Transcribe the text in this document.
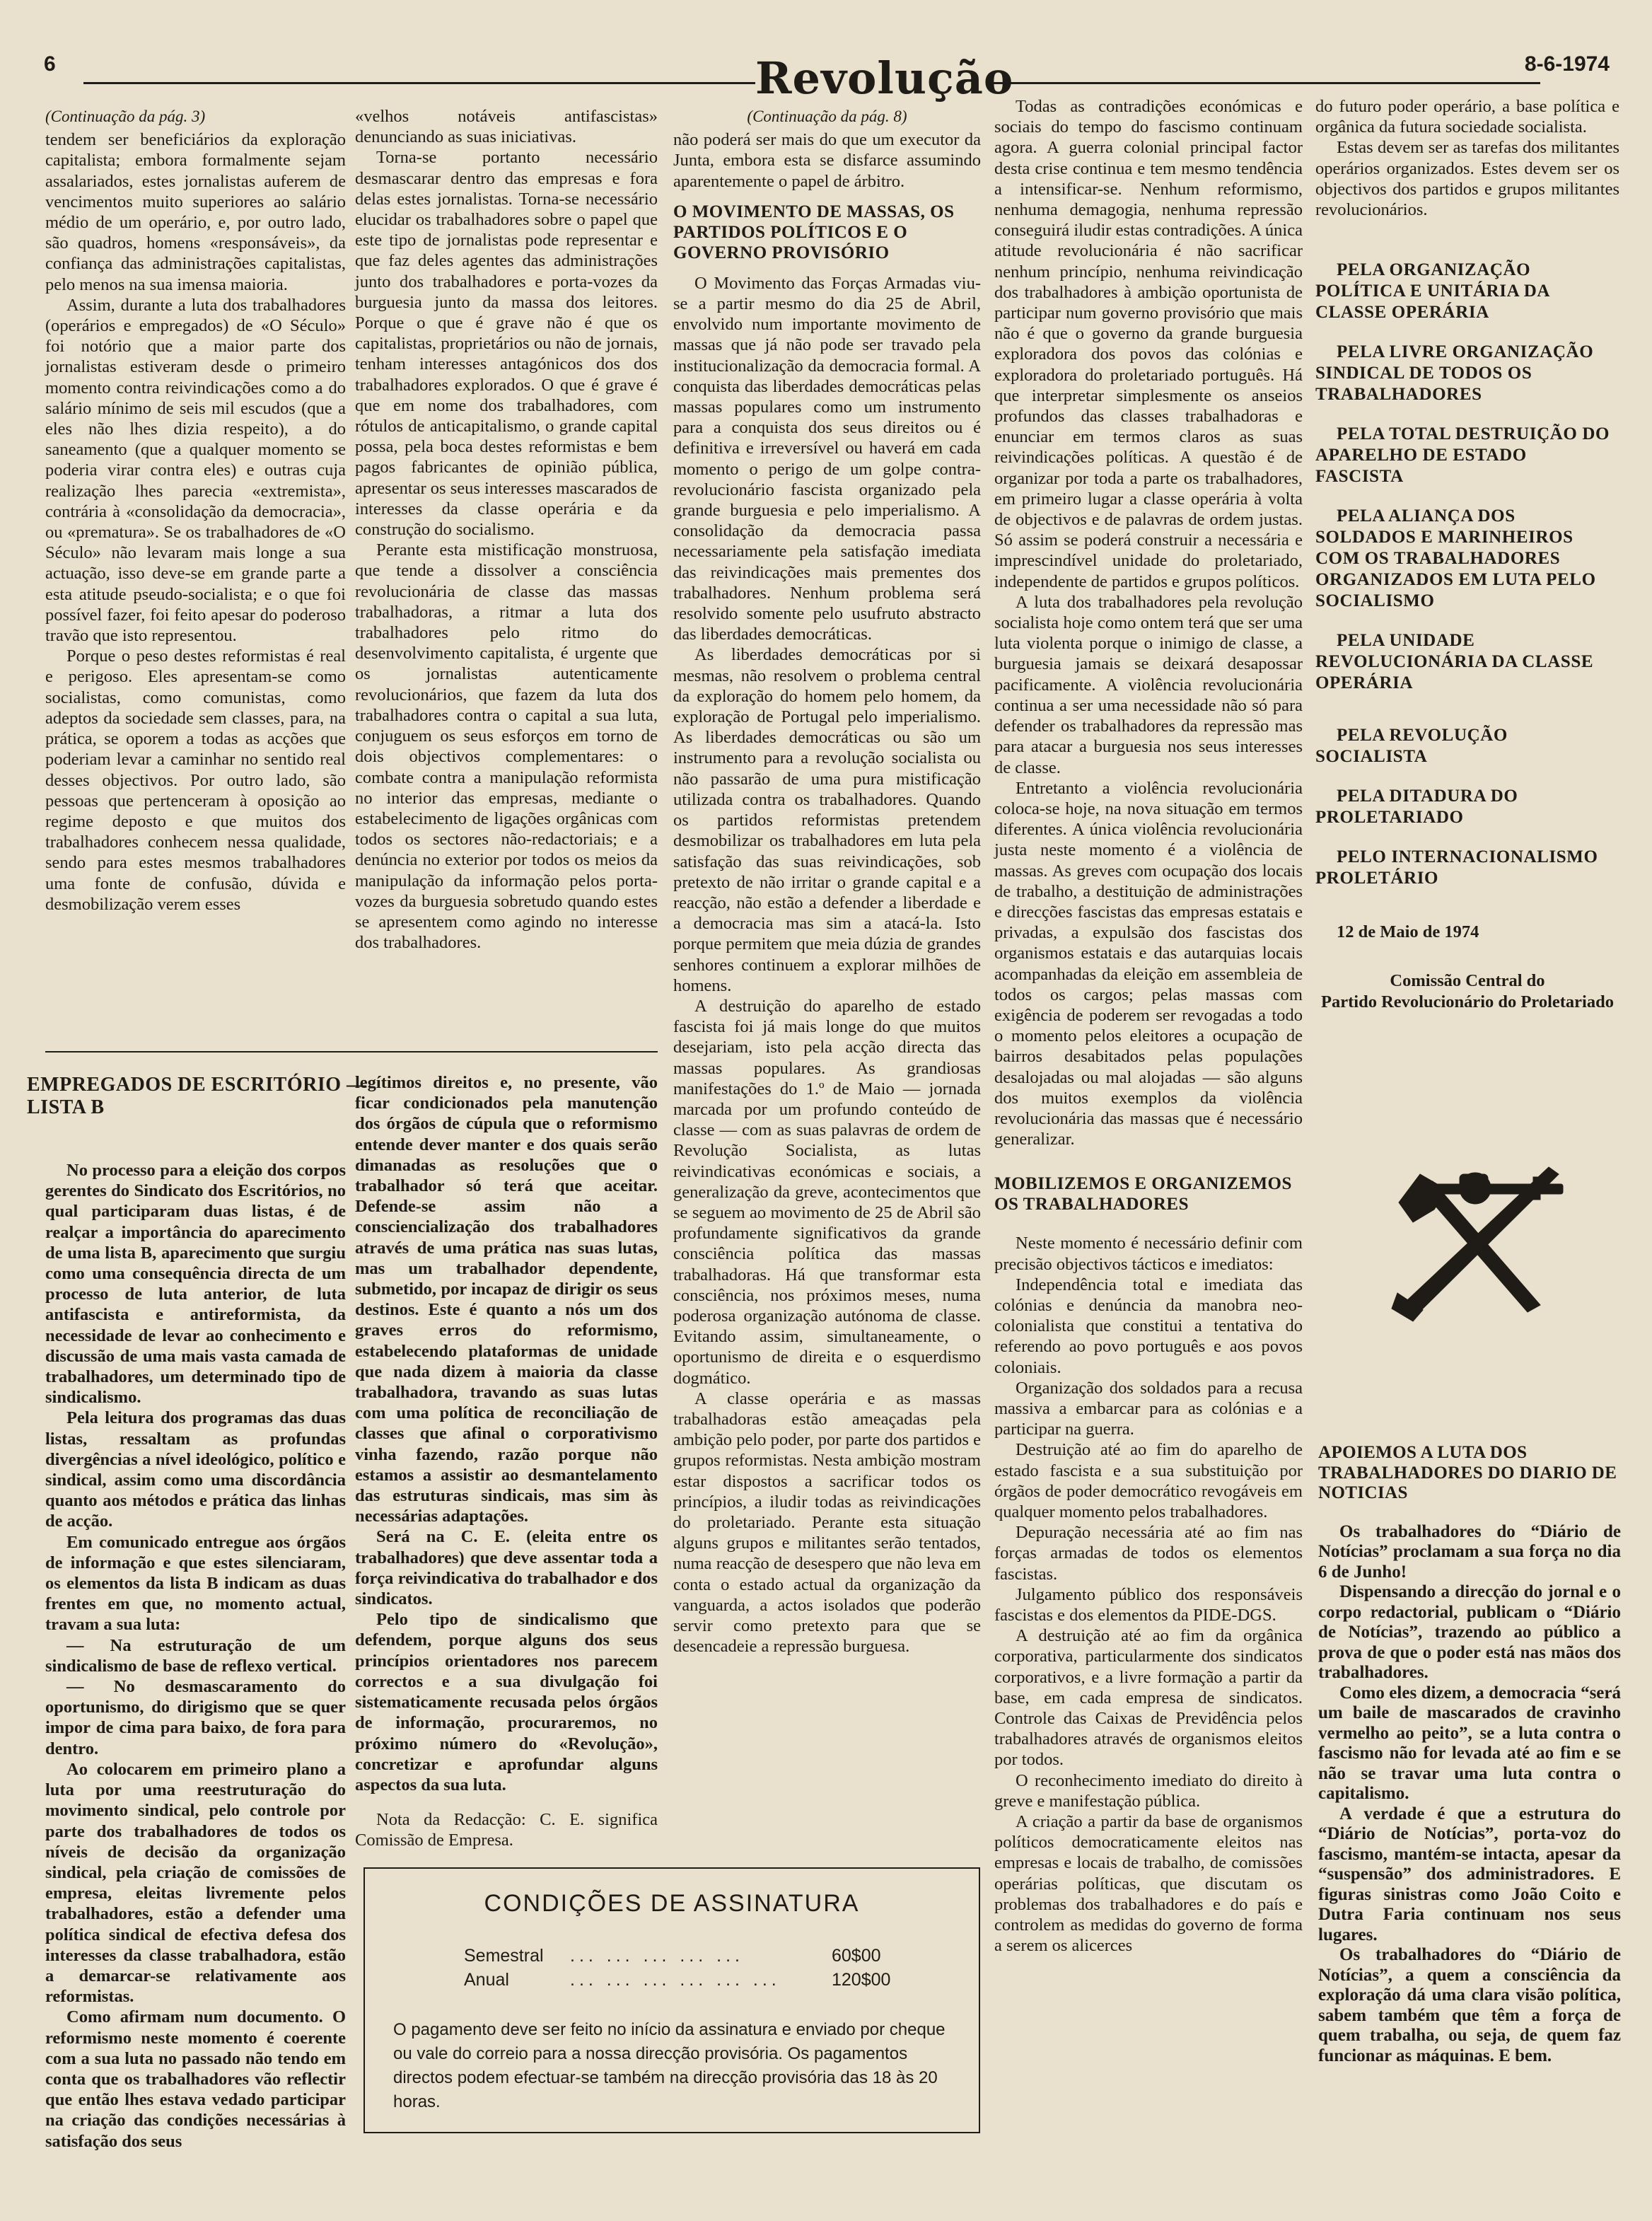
6	Revolução	8-6-1974
(Continuação da pág. 3)

tendem ser beneficiários da exploração capitalista; embora formalmente sejam assalariados, estes jornalistas auferem de vencimentos muito superiores ao salário médio de um operário, e, por outro lado, são quadros, homens «responsáveis», da confiança das administrações capitalistas, pelo menos na sua imensa maioria.

Assim, durante a luta dos trabalhadores (operários e empregados) de «O Século» foi notório que a maior parte dos jornalistas estiveram desde o primeiro momento contra reivindicações como a do salário mínimo de seis mil escudos (que a eles não lhes dizia respeito), a do saneamento (que a qualquer momento se poderia virar contra eles) e outras cuja realização lhes parecia «extremista», contrária à «consolidação da democracia», ou «prematura». Se os trabalhadores de «O Século» não levaram mais longe a sua actuação, isso deve-se em grande parte a esta atitude pseudo-socialista; e o que foi possível fazer, foi feito apesar do poderoso travão que isto representou.

Porque o peso destes reformistas é real e perigoso. Eles apresentam-se como socialistas, como comunistas, como adeptos da sociedade sem classes, para, na prática, se oporem a todas as acções que poderiam levar a caminhar no sentido real desses objectivos. Por outro lado, são pessoas que pertenceram à oposição ao regime deposto e que muitos dos trabalhadores conhecem nessa qualidade, sendo para estes mesmos trabalhadores uma fonte de confusão, dúvida e desmobilização verem esses

«velhos notáveis antifascistas» denunciando as suas iniciativas.

Torna-se portanto necessário desmascarar dentro das empresas e fora delas estes jornalistas. Torna-se necessário elucidar os trabalhadores sobre o papel que este tipo de jornalistas pode representar e que faz deles agentes das administrações junto dos trabalhadores e porta-vozes da burguesia junto da massa dos leitores. Porque o que é grave não é que os capitalistas, proprietários ou não de jornais, tenham interesses antagónicos dos dos trabalhadores explorados. O que é grave é que em nome dos trabalhadores, com rótulos de anticapitalismo, o grande capital possa, pela boca destes reformistas e bem pagos fabricantes de opinião pública, apresentar os seus interesses mascarados de interesses da classe operária e da construção do socialismo.

Perante esta mistificação monstruosa, que tende a dissolver a consciência revolucionária de classe das massas trabalhadoras, a ritmar a luta dos trabalhadores pelo ritmo do desenvolvimento capitalista, é urgente que os jornalistas autenticamente revolucionários, que fazem da luta dos trabalhadores contra o capital a sua luta, conjuguem os seus esforços em torno de dois objectivos complementares: o combate contra a manipulação reformista no interior das empresas, mediante o estabelecimento de ligações orgânicas com todos os sectores não-redactoriais; e a denúncia no exterior por todos os meios da manipulação da informação pelos porta-vozes da burguesia sobretudo quando estes se apresentem como agindo no interesse dos trabalhadores.

(Continuação da pág. 8)

não poderá ser mais do que um executor da Junta, embora esta se disfarce assumindo aparentemente o papel de árbitro.

O MOVIMENTO DE MASSAS, OS PARTIDOS POLÍTICOS E O GOVERNO PROVISÓRIO

O Movimento das Forças Armadas viu-se a partir mesmo do dia 25 de Abril, envolvido num importante movimento de massas que já não pode ser travado pela institucionalização da democracia formal. A conquista das liberdades democráticas pelas massas populares como um instrumento para a conquista dos seus direitos ou é definitiva e irreversível ou haverá em cada momento o perigo de um golpe contra-revolucionário fascista organizado pela grande burguesia e pelo imperialismo. A consolidação da democracia passa necessariamente pela satisfação imediata das reivindicações mais prementes dos trabalhadores. Nenhum problema será resolvido somente pelo usufruto abstracto das liberdades democráticas.

As liberdades democráticas por si mesmas, não resolvem o problema central da exploração do homem pelo homem, da exploração de Portugal pelo imperialismo. As liberdades democráticas ou são um instrumento para a revolução socialista ou não passarão de uma pura mistificação utilizada contra os trabalhadores. Quando os partidos reformistas pretendem desmobilizar os trabalhadores em luta pela satisfação das suas reivindicações, sob pretexto de não irritar o grande capital e a reacção, não estão a defender a liberdade e a democracia mas sim a atacá-la. Isto porque permitem que meia dúzia de grandes senhores continuem a explorar milhões de homens.

A destruição do aparelho de estado fascista foi já mais longe do que muitos desejariam, isto pela acção directa das massas populares. As grandiosas manifestações do 1.º de Maio — jornada marcada por um profundo conteúdo de classe — com as suas palavras de ordem de Revolução Socialista, as lutas reivindicativas económicas e sociais, a generalização da greve, acontecimentos que se seguem ao movimento de 25 de Abril são profundamente significativos da grande consciência política das massas trabalhadoras. Há que transformar esta consciência, nos próximos meses, numa poderosa organização autónoma de classe. Evitando assim, simultaneamente, o oportunismo de direita e o esquerdismo dogmático.

A classe operária e as massas trabalhadoras estão ameaçadas pela ambição pelo poder, por parte dos partidos e grupos reformistas. Nesta ambição mostram estar dispostos a sacrificar todos os princípios, a iludir todas as reivindicações do proletariado. Perante esta situação alguns grupos e militantes serão tentados, numa reacção de desespero que não leva em conta o estado actual da organização da vanguarda, a actos isolados que poderão servir como pretexto para que se desencadeie a repressão burguesa.

Todas as contradições económicas e sociais do tempo do fascismo continuam agora. A guerra colonial principal factor desta crise continua e tem mesmo tendência a intensificar-se. Nenhum reformismo, nenhuma demagogia, nenhuma repressão conseguirá iludir estas contradições. A única atitude revolucionária é não sacrificar nenhum princípio, nenhuma reivindicação dos trabalhadores à ambição oportunista de participar num governo provisório que mais não é que o governo da grande burguesia exploradora dos povos das colónias e exploradora do proletariado português. Há que interpretar simplesmente os anseios profundos das classes trabalhadoras e enunciar em termos claros as suas reivindicações políticas. A questão é de organizar por toda a parte os trabalhadores, em primeiro lugar a classe operária à volta de objectivos e de palavras de ordem justas. Só assim se poderá construir a necessária e imprescindível unidade do proletariado, independente de partidos e grupos políticos.

A luta dos trabalhadores pela revolução socialista hoje como ontem terá que ser uma luta violenta porque o inimigo de classe, a burguesia jamais se deixará desapossar pacificamente. A violência revolucionária continua a ser uma necessidade não só para defender os trabalhadores da repressão mas para atacar a burguesia nos seus interesses de classe.

Entretanto a violência revolucionária coloca-se hoje, na nova situação em termos diferentes. A única violência revolucionária justa neste momento é a violência de massas. As greves com ocupação dos locais de trabalho, a destituição de administrações e direcções fascistas das empresas estatais e privadas, a expulsão dos fascistas dos organismos estatais e das autarquias locais acompanhadas da eleição em assembleia de todos os cargos; pelas massas com exigência de poderem ser revogadas a todo o momento pelos eleitores a ocupação de bairros desabitados pelas populações desalojadas ou mal alojadas — são alguns dos muitos exemplos da violência revolucionária das massas que é necessário generalizar.

MOBILIZEMOS E ORGANIZEMOS OS TRABALHADORES

Neste momento é necessário definir com precisão objectivos tácticos e imediatos:

Independência total e imediata das colónias e denúncia da manobra neo-colonialista que constitui a tentativa do referendo ao povo português e aos povos coloniais.

Organização dos soldados para a recusa massiva a embarcar para as colónias e a participar na guerra.

Destruição até ao fim do aparelho de estado fascista e a sua substituição por órgãos de poder democrático revogáveis em qualquer momento pelos trabalhadores.

Depuração necessária até ao fim nas forças armadas de todos os elementos fascistas.

Julgamento público dos responsáveis fascistas e dos elementos da PIDE-DGS.

A destruição até ao fim da orgânica corporativa, particularmente dos sindicatos corporativos, e a livre formação a partir da base, em cada empresa de sindicatos. Controle das Caixas de Previdência pelos trabalhadores através de organismos eleitos por todos.

O reconhecimento imediato do direito à greve e manifestação pública.

A criação a partir da base de organismos políticos democraticamente eleitos nas empresas e locais de trabalho, de comissões operárias políticas, que discutam os problemas dos trabalhadores e do país e controlem as medidas do governo de forma a serem os alicerces

do futuro poder operário, a base política e orgânica da futura sociedade socialista.

Estas devem ser as tarefas dos militantes operários organizados. Estes devem ser os objectivos dos partidos e grupos militantes revolucionários.

PELA ORGANIZAÇÃO POLÍTICA E UNITÁRIA DA CLASSE OPERÁRIA

PELA LIVRE ORGANIZAÇÃO SINDICAL DE TODOS OS TRABALHADORES

PELA TOTAL DESTRUIÇÃO DO APARELHO DE ESTADO FASCISTA

PELA ALIANÇA DOS SOLDADOS E MARINHEIROS COM OS TRABALHADORES ORGANIZADOS EM LUTA PELO SOCIALISMO

PELA UNIDADE REVOLUCIONÁRIA DA CLASSE OPERÁRIA

PELA REVOLUÇÃO SOCIALISTA

PELA DITADURA DO PROLETARIADO

PELO INTERNACIONALISMO PROLETÁRIO

12 de Maio de 1974

Comissão Central do

Partido Revolucionário do Proletariado

EMPREGADOS DE ESCRITÓRIO — LISTA B

No processo para a eleição dos corpos gerentes do Sindicato dos Escritórios, no qual participaram duas listas, é de realçar a importância do aparecimento de uma lista B, aparecimento que surgiu como uma consequência directa de um processo de luta anterior, de luta antifascista e antireformista, da necessidade de levar ao conhecimento e discussão de uma mais vasta camada de trabalhadores, um determinado tipo de sindicalismo.

Pela leitura dos programas das duas listas, ressaltam as profundas divergências a nível ideológico, político e sindical, assim como uma discordância quanto aos métodos e prática das linhas de acção.

Em comunicado entregue aos órgãos de informação e que estes silenciaram, os elementos da lista B indicam as duas frentes em que, no momento actual, travam a sua luta:

— Na estruturação de um sindicalismo de base de reflexo vertical.

— No desmascaramento do oportunismo, do dirigismo que se quer impor de cima para baixo, de fora para dentro.

Ao colocarem em primeiro plano a luta por uma reestruturação do movimento sindical, pelo controle por parte dos trabalhadores de todos os níveis de decisão da organização sindical, pela criação de comissões de empresa, eleitas livremente pelos trabalhadores, estão a defender uma política sindical de efectiva defesa dos interesses da classe trabalhadora, estão a demarcar-se relativamente aos reformistas.

Como afirmam num documento. O reformismo neste momento é coerente com a sua luta no passado não tendo em conta que os trabalhadores vão reflectir que então lhes estava vedado participar na criação das condições necessárias à satisfação dos seus

legítimos direitos e, no presente, vão ficar condicionados pela manutenção dos órgãos de cúpula que o reformismo entende dever manter e dos quais serão dimanadas as resoluções que o trabalhador só terá que aceitar. Defende-se assim não a consciencialização dos trabalhadores através de uma prática nas suas lutas, mas um trabalhador dependente, submetido, por incapaz de dirigir os seus destinos. Este é quanto a nós um dos graves erros do reformismo, estabelecendo plataformas de unidade que nada dizem à maioria da classe trabalhadora, travando as suas lutas com uma política de reconciliação de classes que afinal o corporativismo vinha fazendo, razão porque não estamos a assistir ao desmantelamento das estruturas sindicais, mas sim às necessárias adaptações.

Será na C. E. (eleita entre os trabalhadores) que deve assentar toda a força reivindicativa do trabalhador e dos sindicatos.

Pelo tipo de sindicalismo que defendem, porque alguns dos seus princípios orientadores nos parecem correctos e a sua divulgação foi sistematicamente recusada pelos órgãos de informação, procuraremos, no próximo número do «Revolução», concretizar e aprofundar alguns aspectos da sua luta.

Nota da Redacção: C. E. significa Comissão de Empresa.

CONDIÇÕES DE ASSINATURA
Semestral ... ... ... ... ...	60$00
Anual	... ... ... ... ... ...	120$00
O pagamento deve ser feito no início da assinatura e enviado por cheque ou vale do correio para a nossa direcção provisória. Os pagamentos directos podem efectuar-se também na direcção provisória das 18 às 20 horas.

APOIEMOS A LUTA DOS TRABALHADORES DO DIARIO DE NOTICIAS

Os trabalhadores do “Diário de Notícias” proclamam a sua força no dia 6 de Junho!

Dispensando a direcção do jornal e o corpo redactorial, publicam o “Diário de Notícias”, trazendo ao público a prova de que o poder está nas mãos dos trabalhadores.

Como eles dizem, a democracia “será um baile de mascarados de cravinho vermelho ao peito”, se a luta contra o fascismo não for levada até ao fim e se não se travar uma luta contra o capitalismo.

A verdade é que a estrutura do “Diário de Notícias”, porta-voz do fascismo, mantém-se intacta, apesar da “suspensão” dos administradores. E figuras sinistras como João Coito e Dutra Faria continuam nos seus lugares.

Os trabalhadores do “Diário de Notícias”, a quem a consciência da exploração dá uma clara visão política, sabem também que têm a força de quem trabalha, ou seja, de quem faz funcionar as máquinas. E bem.
